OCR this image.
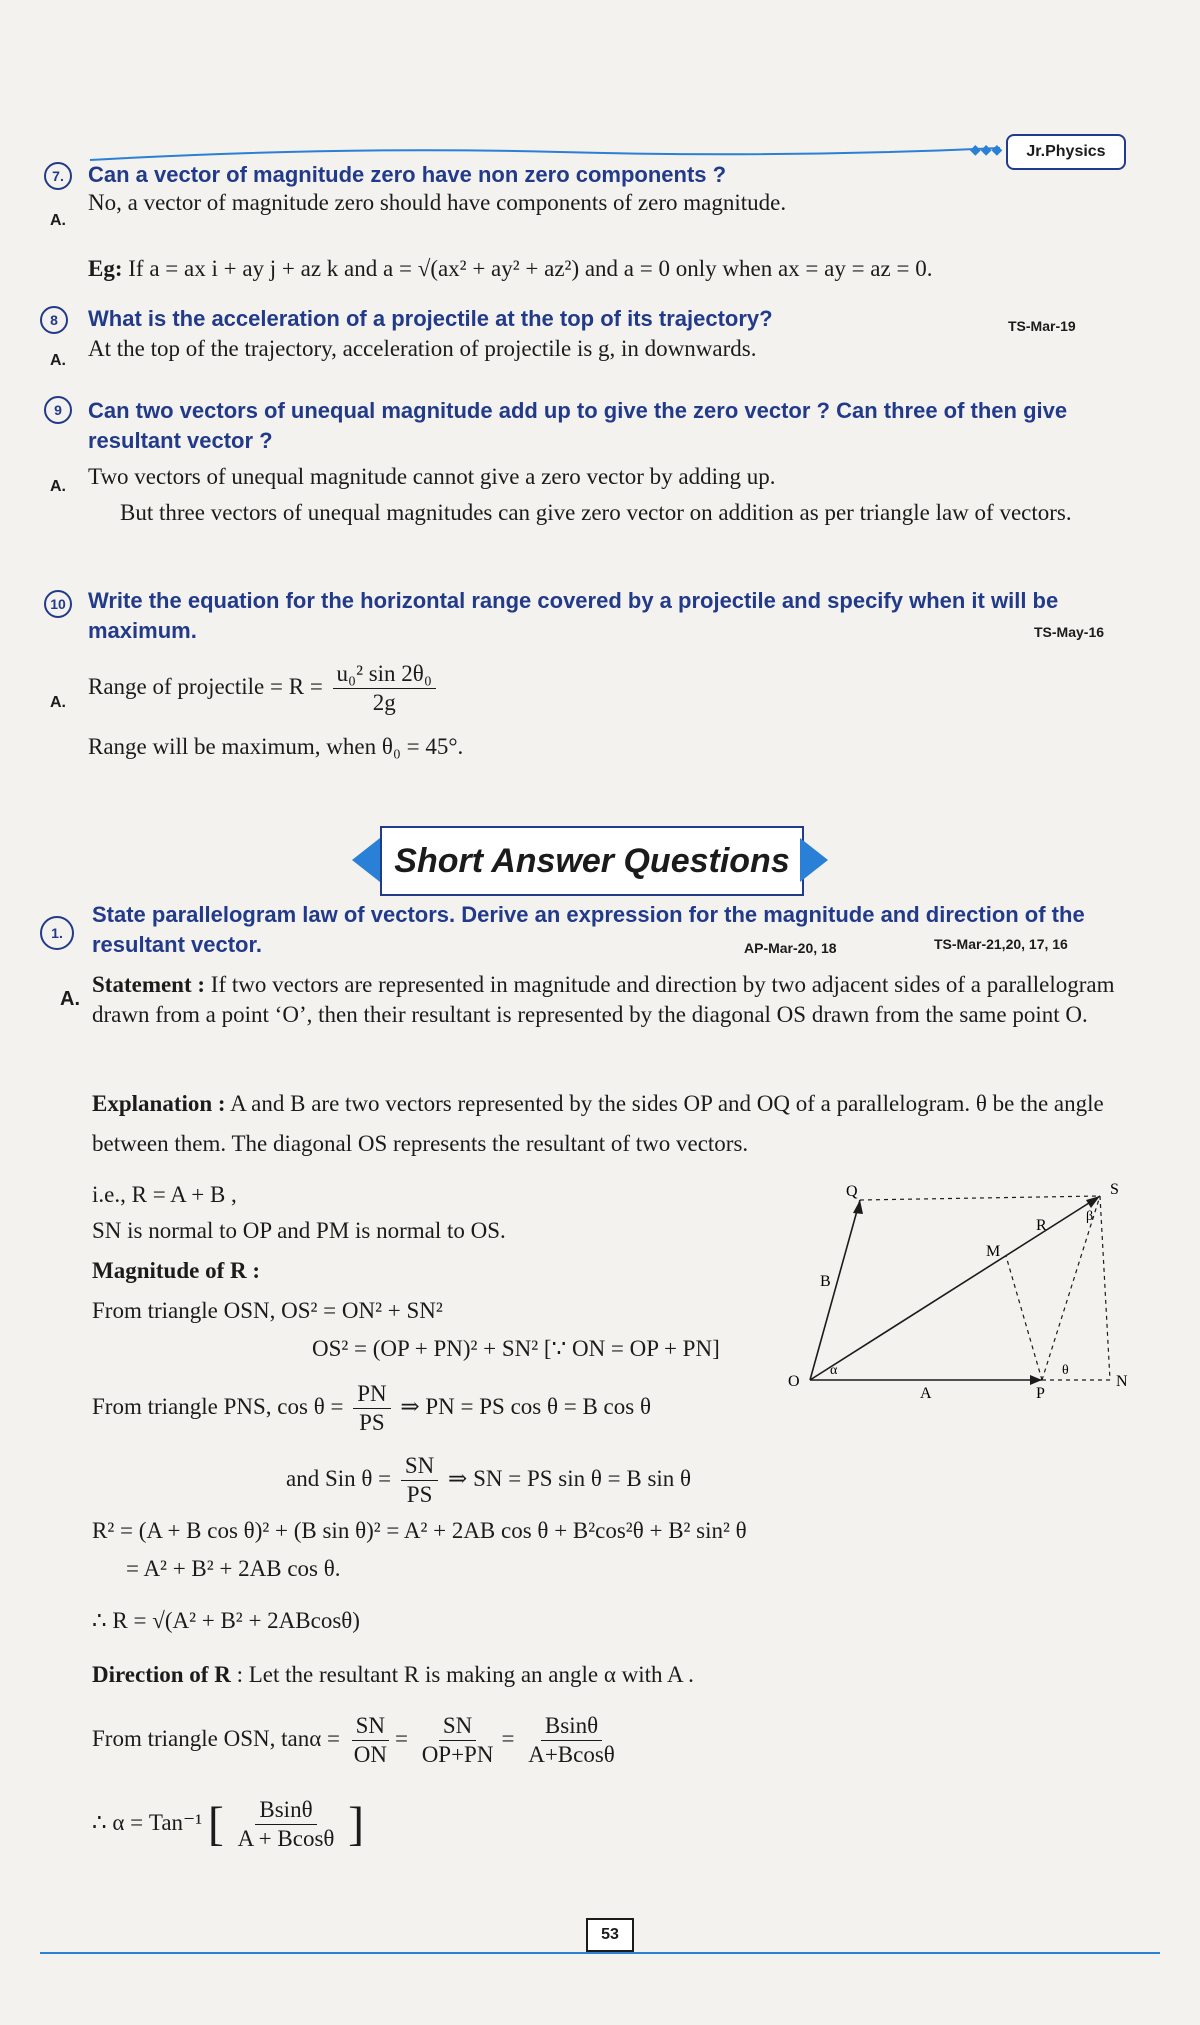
◆◆◆	Jr.Physics
7.	Can a vector of magnitude zero have non zero components ?
A.
No, a vector of magnitude zero should have components of zero magnitude.
Eg: If a = ax i + ay j + az k and a = √(ax² + ay² + az²) and a = 0 only when ax = ay = az = 0.
8	What is the acceleration of a projectile at the top of its trajectory?	TS-Mar-19
A. At the top of the trajectory, acceleration of projectile is g, in downwards.
9	Can two vectors of unequal magnitude add up to give the zero vector ? Can three of then give resultant vector ?
A. Two vectors of unequal magnitude cannot give a zero vector by adding up.
But three vectors of unequal magnitudes can give zero vector on addition as per triangle law of vectors.
10 Write the equation for the horizontal range covered by a projectile and specify when it will be maximum.	TS-May-16
A.
Range of projectile = $R = \frac{\text{u₀² sin 2θ₀}}{2g}$
Range will be maximum, when θ₀ = 45°.
Short Answer Questions
1.
State parallelogram law of vectors. Derive an expression for the magnitude and direction of the resultant vector.	AP-Mar-20, 18	TS-Mar-21,20, 17, 16
A.
Statement : If two vectors are represented in magnitude and direction by two adjacent sides of a parallelogram drawn from a point ‘O’, then their resultant is represented by the diagonal OS drawn from the same point O.
Explanation : A and B are two vectors represented by the sides OP and OQ of a parallelogram. θ be the angle between them. The diagonal OS represents the resultant of two vectors.
i.e., R = A + B ,
SN is normal to OP and PM is normal to OS.
Magnitude of R :
From triangle OSN, OS² = ON² + SN²
OS² = (OP + PN)² + SN² [∵ ON = OP + PN]
From triangle PNS, $\cos \theta = \frac{PN}{PS}$ ⇒ PN = PS cos θ = B cos θ
and Sin $\theta = \frac{SN}{PS}$ ⇒ SN = PS sin θ = B sin θ
R² = (A + B cos θ)² + (B sin θ)² = A² + 2AB cos θ + B²cos²θ + B² sin² θ
= A² + B² + 2AB cos θ.
∴ R = √(A² + B² + 2ABcosθ)
Direction of R : Let the resultant R is making an angle α with A .
From triangle OSN, $\tan\alpha = \frac{SN}{ON} = \frac{SN}{OP+PN} = \frac{Bsin\theta}{A+Bcos\theta}$
∴ α = Tan⁻¹ [ $\frac{Bsin\theta}{A + Bcos\theta}$ ]
O
A	P
N
Q	S
B
R
M
θ
α
β
53
